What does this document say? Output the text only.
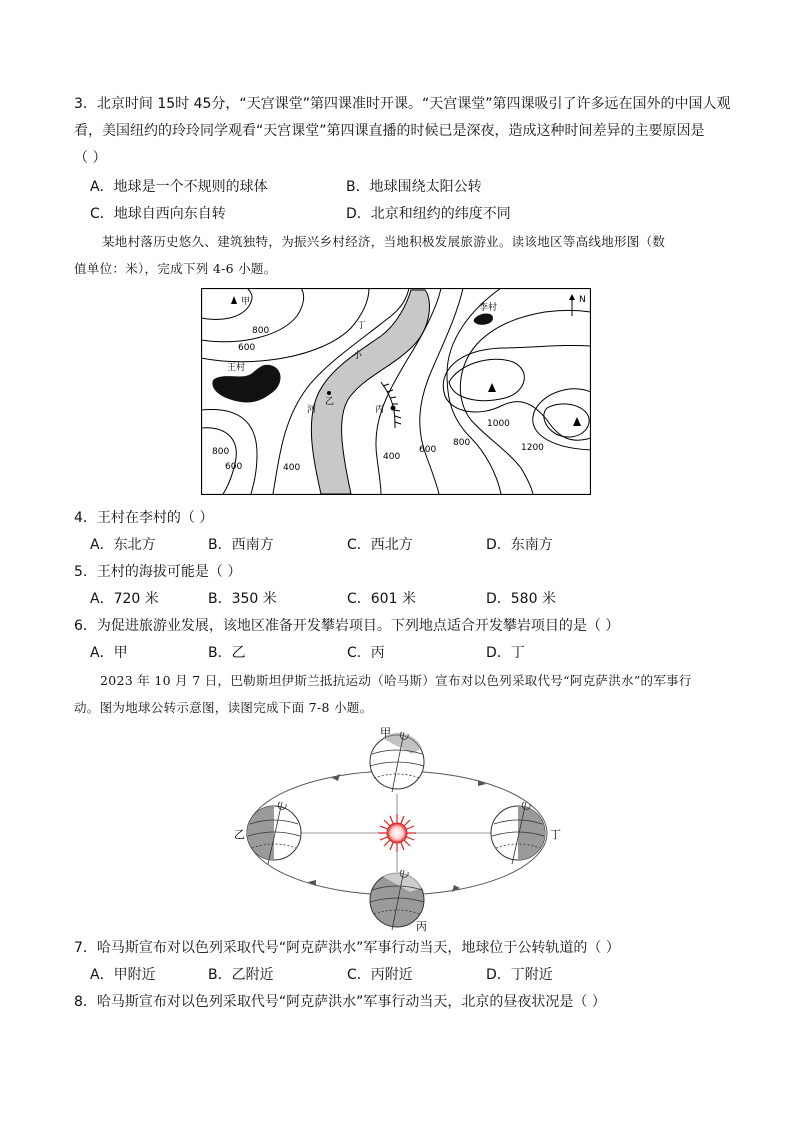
3．北京时间 15时 45分，“天宫课堂”第四课准时开课。“天宫课堂”第四课吸引了许多远在国外的中国人观
看，美国纽约的玲玲同学观看“天宫课堂”第四课直播的时候已是深夜，造成这种时间差异的主要原因是
（ ）
A．地球是一个不规则的球体	B．地球围绕太阳公转
C．地球自西向东自转	D．北京和纽约的纬度不同
某地村落历史悠久、建筑独特，为振兴乡村经济，当地积极发展旅游业。读该地区等高线地形图（数
值单位：米），完成下列 4-6 小题。
N
甲
丁
李村
王村
小
河
乙
丙
800
600
800
600	400
400
600
800
1000
1200
4．王村在李村的（ ）
A．东北方	B．西南方	C．西北方	D．东南方
5．王村的海拔可能是（ ）
A．720 米	B．350 米	C．601 米	D．580 米
6．为促进旅游业发展，该地区准备开发攀岩项目。下列地点适合开发攀岩项目的是（ ）
A．甲	B．乙	C．丙	D．丁
2023 年 10 月 7 日，巴勒斯坦伊斯兰抵抗运动（哈马斯）宣布对以色列采取代号“阿克萨洪水”的军事行
动。图为地球公转示意图，读图完成下面 7-8 小题。
甲
乙	丁
丙
7．哈马斯宣布对以色列采取代号“阿克萨洪水”军事行动当天，地球位于公转轨道的（ ）
A．甲附近	B．乙附近	C．丙附近	D．丁附近
8．哈马斯宣布对以色列采取代号“阿克萨洪水”军事行动当天，北京的昼夜状况是（ ）
